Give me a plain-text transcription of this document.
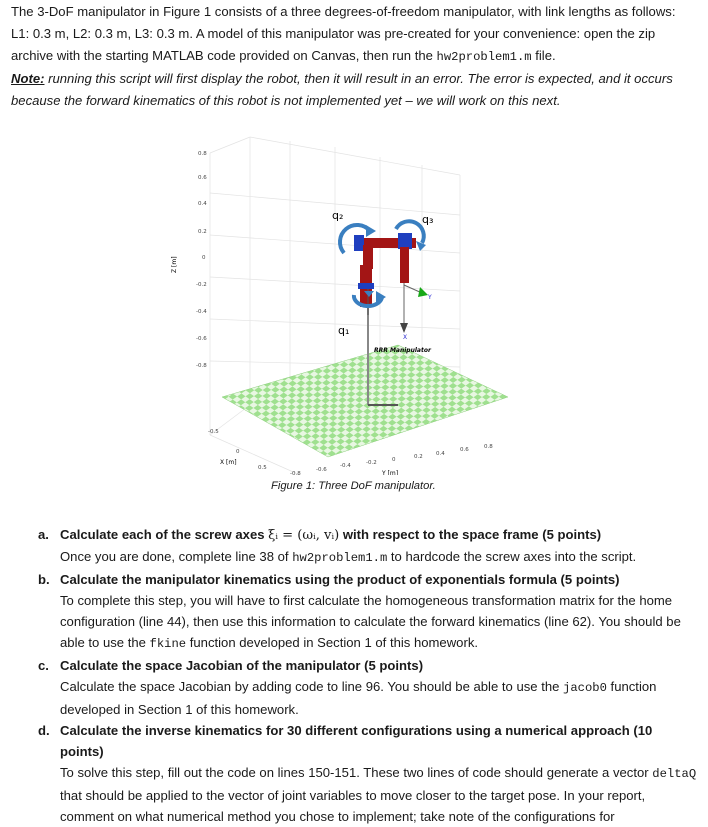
The 3-DoF manipulator in Figure 1 consists of a three degrees-of-freedom manipulator, with link lengths as follows: L1: 0.3 m, L2: 0.3 m, L3: 0.3 m. A model of this manipulator was pre-created for your convenience: open the zip archive with the starting MATLAB code provided on Canvas, then run the hw2problem1.m file.

Note: running this script will first display the robot, then it will result in an error. The error is expected, and it occurs because the forward kinematics of this robot is not implemented yet – we will work on this next.

q₂	q₃
q₁
X
Y
RRR Manipulator
0.8
0.6
0.4
0.2
0
-0.2
-0.4
-0.6
-0.8
Z [m]
-0.5
0
0.5
X [m]
-0.8
-0.6
-0.4	-0.2	0	0.2 0.4
0.6	0.8
Y [m]
Figure 1: Three DoF manipulator.
a. Calculate each of the screw axes ξᵢ = (ωᵢ, vᵢ) with respect to the space frame (5 points)

Once you are done, complete line 38 of hw2problem1.m to hardcode the screw axes into the script.

b. Calculate the manipulator kinematics using the product of exponentials formula (5 points)

To complete this step, you will have to first calculate the homogeneous transformation matrix for the home configuration (line 44), then use this information to calculate the forward kinematics (line 62). You should be able to use the fkine function developed in Section 1 of this homework.

c. Calculate the space Jacobian of the manipulator (5 points)

Calculate the space Jacobian by adding code to line 96. You should be able to use the jacob0 function developed in Section 1 of this homework.

d. Calculate the inverse kinematics for 30 different configurations using a numerical approach (10 points)

To solve this step, fill out the code on lines 150-151. These two lines of code should generate a vector deltaQ that should be applied to the vector of joint variables to move closer to the target pose. In your report, comment on what numerical method you chose to implement; take note of the configurations for
